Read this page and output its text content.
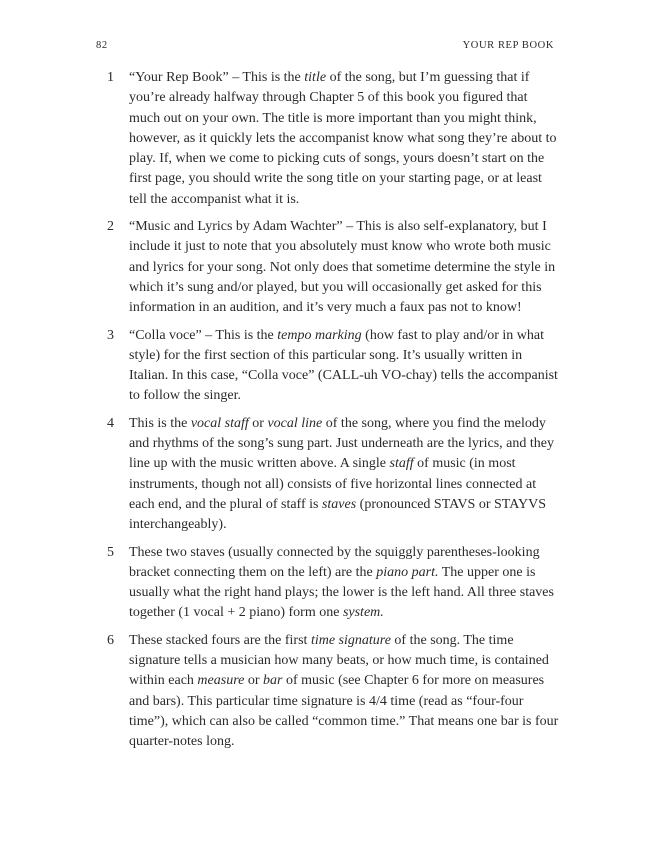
82	YOUR REP BOOK
1 “Your Rep Book” – This is the title of the song, but I’m guessing that if you’re already halfway through Chapter 5 of this book you figured that much out on your own. The title is more important than you might think, however, as it quickly lets the accompanist know what song they’re about to play. If, when we come to picking cuts of songs, yours doesn’t start on the first page, you should write the song title on your starting page, or at least tell the accompanist what it is.
2 “Music and Lyrics by Adam Wachter” – This is also self-explanatory, but I include it just to note that you absolutely must know who wrote both music and lyrics for your song. Not only does that sometime determine the style in which it’s sung and/or played, but you will occasionally get asked for this information in an audition, and it’s very much a faux pas not to know!
3 “Colla voce” – This is the tempo marking (how fast to play and/or in what style) for the first section of this particular song. It’s usually written in Italian. In this case, “Colla voce” (CALL-uh VO-chay) tells the accompanist to follow the singer.
4 This is the vocal staff or vocal line of the song, where you find the melody and rhythms of the song’s sung part. Just underneath are the lyrics, and they line up with the music written above. A single staff of music (in most instruments, though not all) consists of five horizontal lines connected at each end, and the plural of staff is staves (pronounced STAVS or STAYVS interchangeably).
5 These two staves (usually connected by the squiggly parentheses-looking bracket connecting them on the left) are the piano part. The upper one is usually what the right hand plays; the lower is the left hand. All three staves together (1 vocal + 2 piano) form one system.
6 These stacked fours are the first time signature of the song. The time signature tells a musician how many beats, or how much time, is contained within each measure or bar of music (see Chapter 6 for more on measures and bars). This particular time signature is 4/4 time (read as “four-four time”), which can also be called “common time.” That means one bar is four quarter-notes long.
